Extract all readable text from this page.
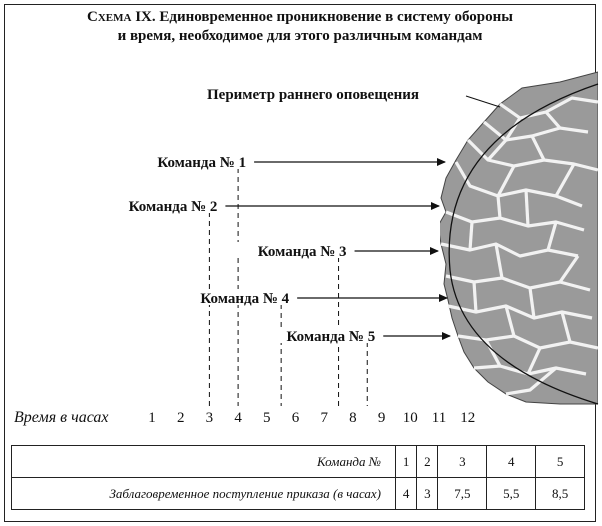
Схема IX. Единовременное проникновение в систему обороны
и время, необходимое для этого различным командам
Периметр раннего оповещения
Команда № 1
Команда № 2
Команда № 3
Команда № 4
Команда № 5
Время в часах	1 2 3 4 5 6 7 8 9 10 11 12
Команда №	1	2	3	4	5
Заблаговременное поступление приказа (в часах)	4	3	7,5	5,5	8,5
